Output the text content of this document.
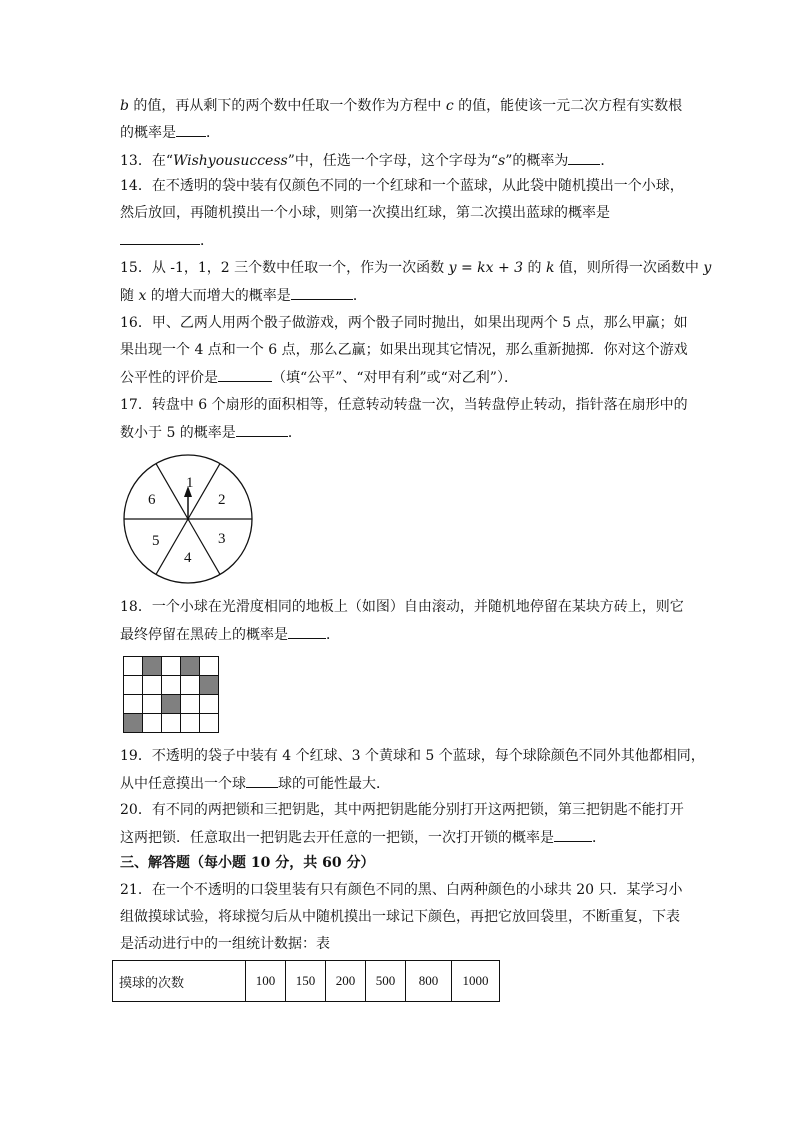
b 的值，再从剩下的两个数中任取一个数作为方程中 c 的值，能使该一元二次方程有实数根
的概率是 ．
13．在“Wishyousuccess”中，任选一个字母，这个字母为“s”的概率为 ．
14．在不透明的袋中装有仅颜色不同的一个红球和一个蓝球，从此袋中随机摸出一个小球，
然后放回，再随机摸出一个小球，则第一次摸出红球，第二次摸出蓝球的概率是
．
15．从 -1，1，2 三个数中任取一个，作为一次函数 y = kx + 3 的 k 值，则所得一次函数中 y
随 x 的增大而增大的概率是	．
16．甲、乙两人用两个骰子做游戏，两个骰子同时抛出，如果出现两个 5 点，那么甲赢；如
果出现一个 4 点和一个 6 点，那么乙赢；如果出现其它情况，那么重新抛掷．你对这个游戏
公平性的评价是	（填“公平”、“对甲有利”或“对乙利”）．
17．转盘中 6 个扇形的面积相等，任意转动转盘一次，当转盘停止转动，指针落在扇形中的
数小于 5 的概率是	．
1
2
3
4
5
6
18．一个小球在光滑度相同的地板上（如图）自由滚动，并随机地停留在某块方砖上，则它
最终停留在黑砖上的概率是	．
19．不透明的袋子中装有 4 个红球、3 个黄球和 5 个蓝球，每个球除颜色不同外其他都相同，
从中任意摸出一个球 球的可能性最大．
20．有不同的两把锁和三把钥匙，其中两把钥匙能分别打开这两把锁，第三把钥匙不能打开
这两把锁．任意取出一把钥匙去开任意的一把锁，一次打开锁的概率是	．
三、解答题（每小题 10 分，共 60 分）
21．在一个不透明的口袋里装有只有颜色不同的黑、白两种颜色的小球共 20 只．某学习小
组做摸球试验，将球搅匀后从中随机摸出一球记下颜色，再把它放回袋里，不断重复，下表
是活动进行中的一组统计数据：表
摸球的次数	100	150	200	500	800	1000
